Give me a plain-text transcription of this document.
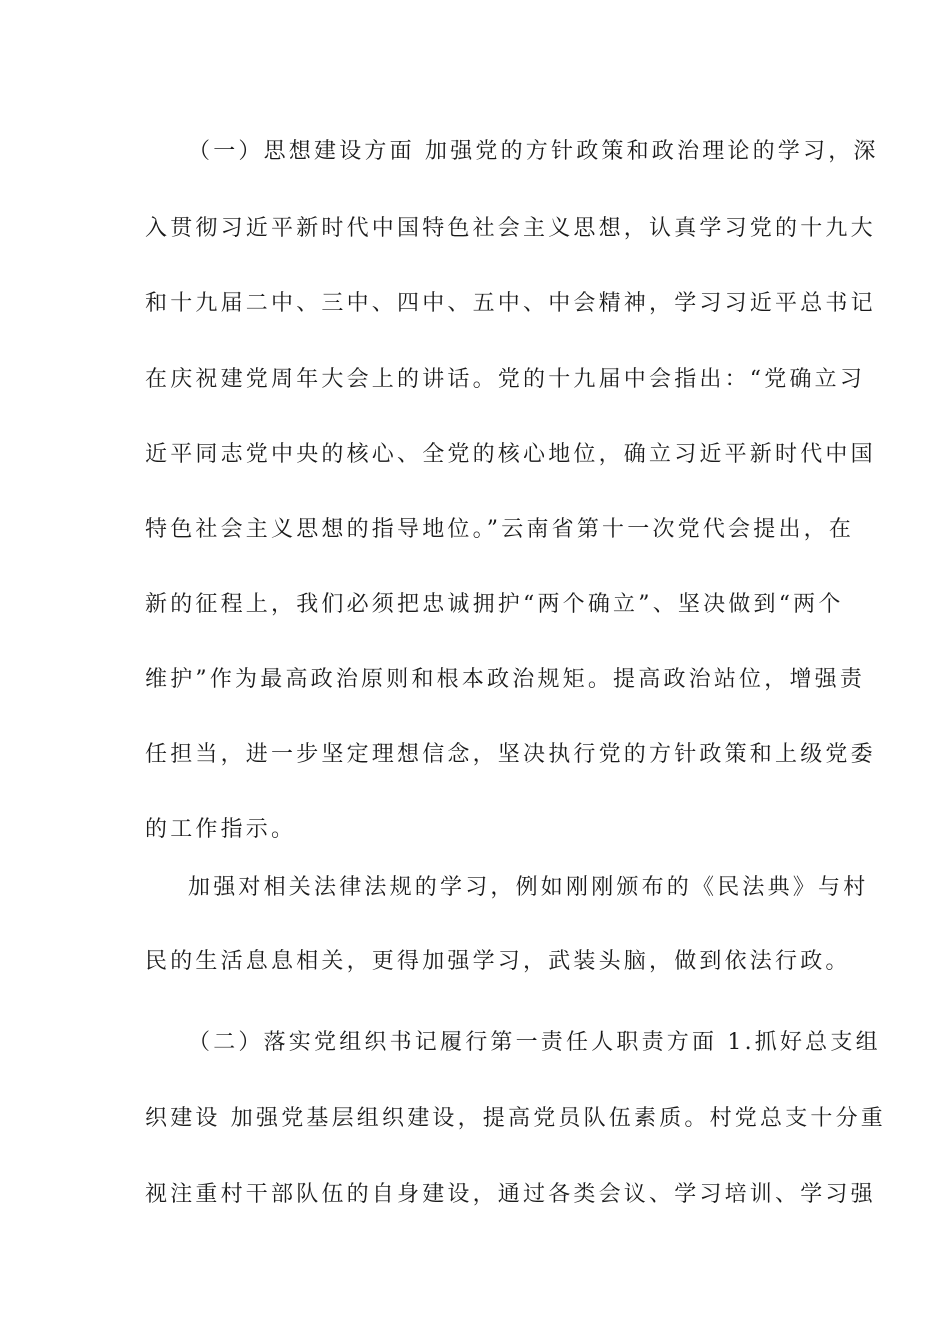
（一）思想建设方面 加强党的方针政策和政治理论的学习，深
入贯彻习近平新时代中国特色社会主义思想，认真学习党的十九大
和十九届二中、三中、四中、五中、中会精神，学习习近平总书记
在庆祝建党周年大会上的讲话。党的十九届中会指出：“党确立习
近平同志党中央的核心、全党的核心地位，确立习近平新时代中国
特色社会主义思想的指导地位。”云南省第十一次党代会提出，在
新的征程上，我们必须把忠诚拥护“两个确立”、坚决做到“两个
维护”作为最高政治原则和根本政治规矩。提高政治站位，增强责
任担当，进一步坚定理想信念，坚决执行党的方针政策和上级党委
的工作指示。
加强对相关法律法规的学习，例如刚刚颁布的《民法典》与村
民的生活息息相关，更得加强学习，武装头脑，做到依法行政。
（二）落实党组织书记履行第一责任人职责方面 1.抓好总支组
织建设 加强党基层组织建设，提高党员队伍素质。村党总支十分重
视注重村干部队伍的自身建设，通过各类会议、学习培训、学习强
